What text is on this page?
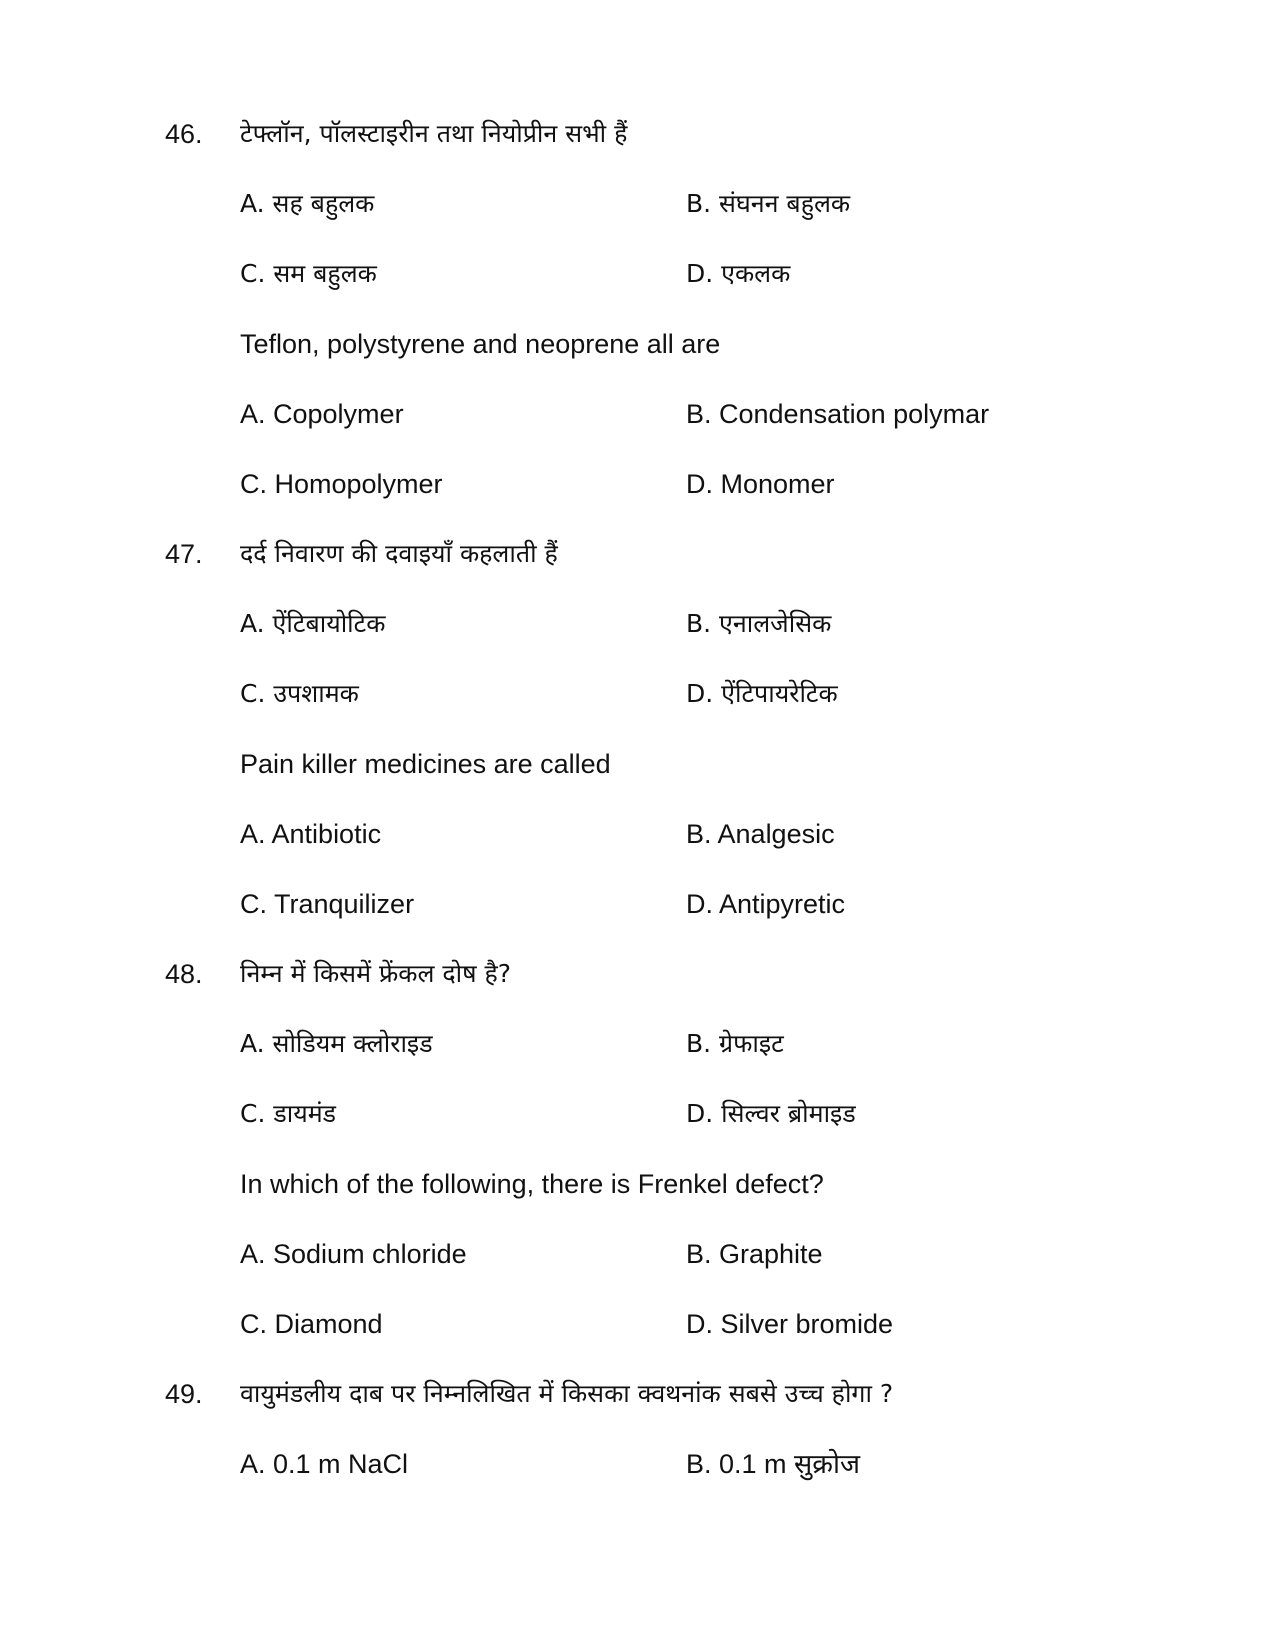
46.	टेफ्लॉन, पॉलस्टाइरीन तथा नियोप्रीन सभी हैं
A. सह बहुलक	B. संघनन बहुलक
C. सम बहुलक	D. एकलक
Teflon, polystyrene and neoprene all are
A. Copolymer	B. Condensation polymar
C. Homopolymer	D. Monomer
47.	दर्द निवारण की दवाइयाँ कहलाती हैं
A. ऐंटिबायोटिक	B. एनालजेसिक
C. उपशामक	D. ऐंटिपायरेटिक
Pain killer medicines are called
A. Antibiotic	B. Analgesic
C. Tranquilizer	D. Antipyretic
48.	निम्न में किसमें फ्रेंकल दोष है?
A. सोडियम क्लोराइड	B. ग्रेफाइट
C. डायमंड	D. सिल्वर ब्रोमाइड
In which of the following, there is Frenkel defect?
A. Sodium chloride	B. Graphite
C. Diamond	D. Silver bromide
49.	वायुमंडलीय दाब पर निम्नलिखित में किसका क्वथनांक सबसे उच्च होगा ?
A. 0.1 m NaCl	B. 0.1 m सुक्रोज
